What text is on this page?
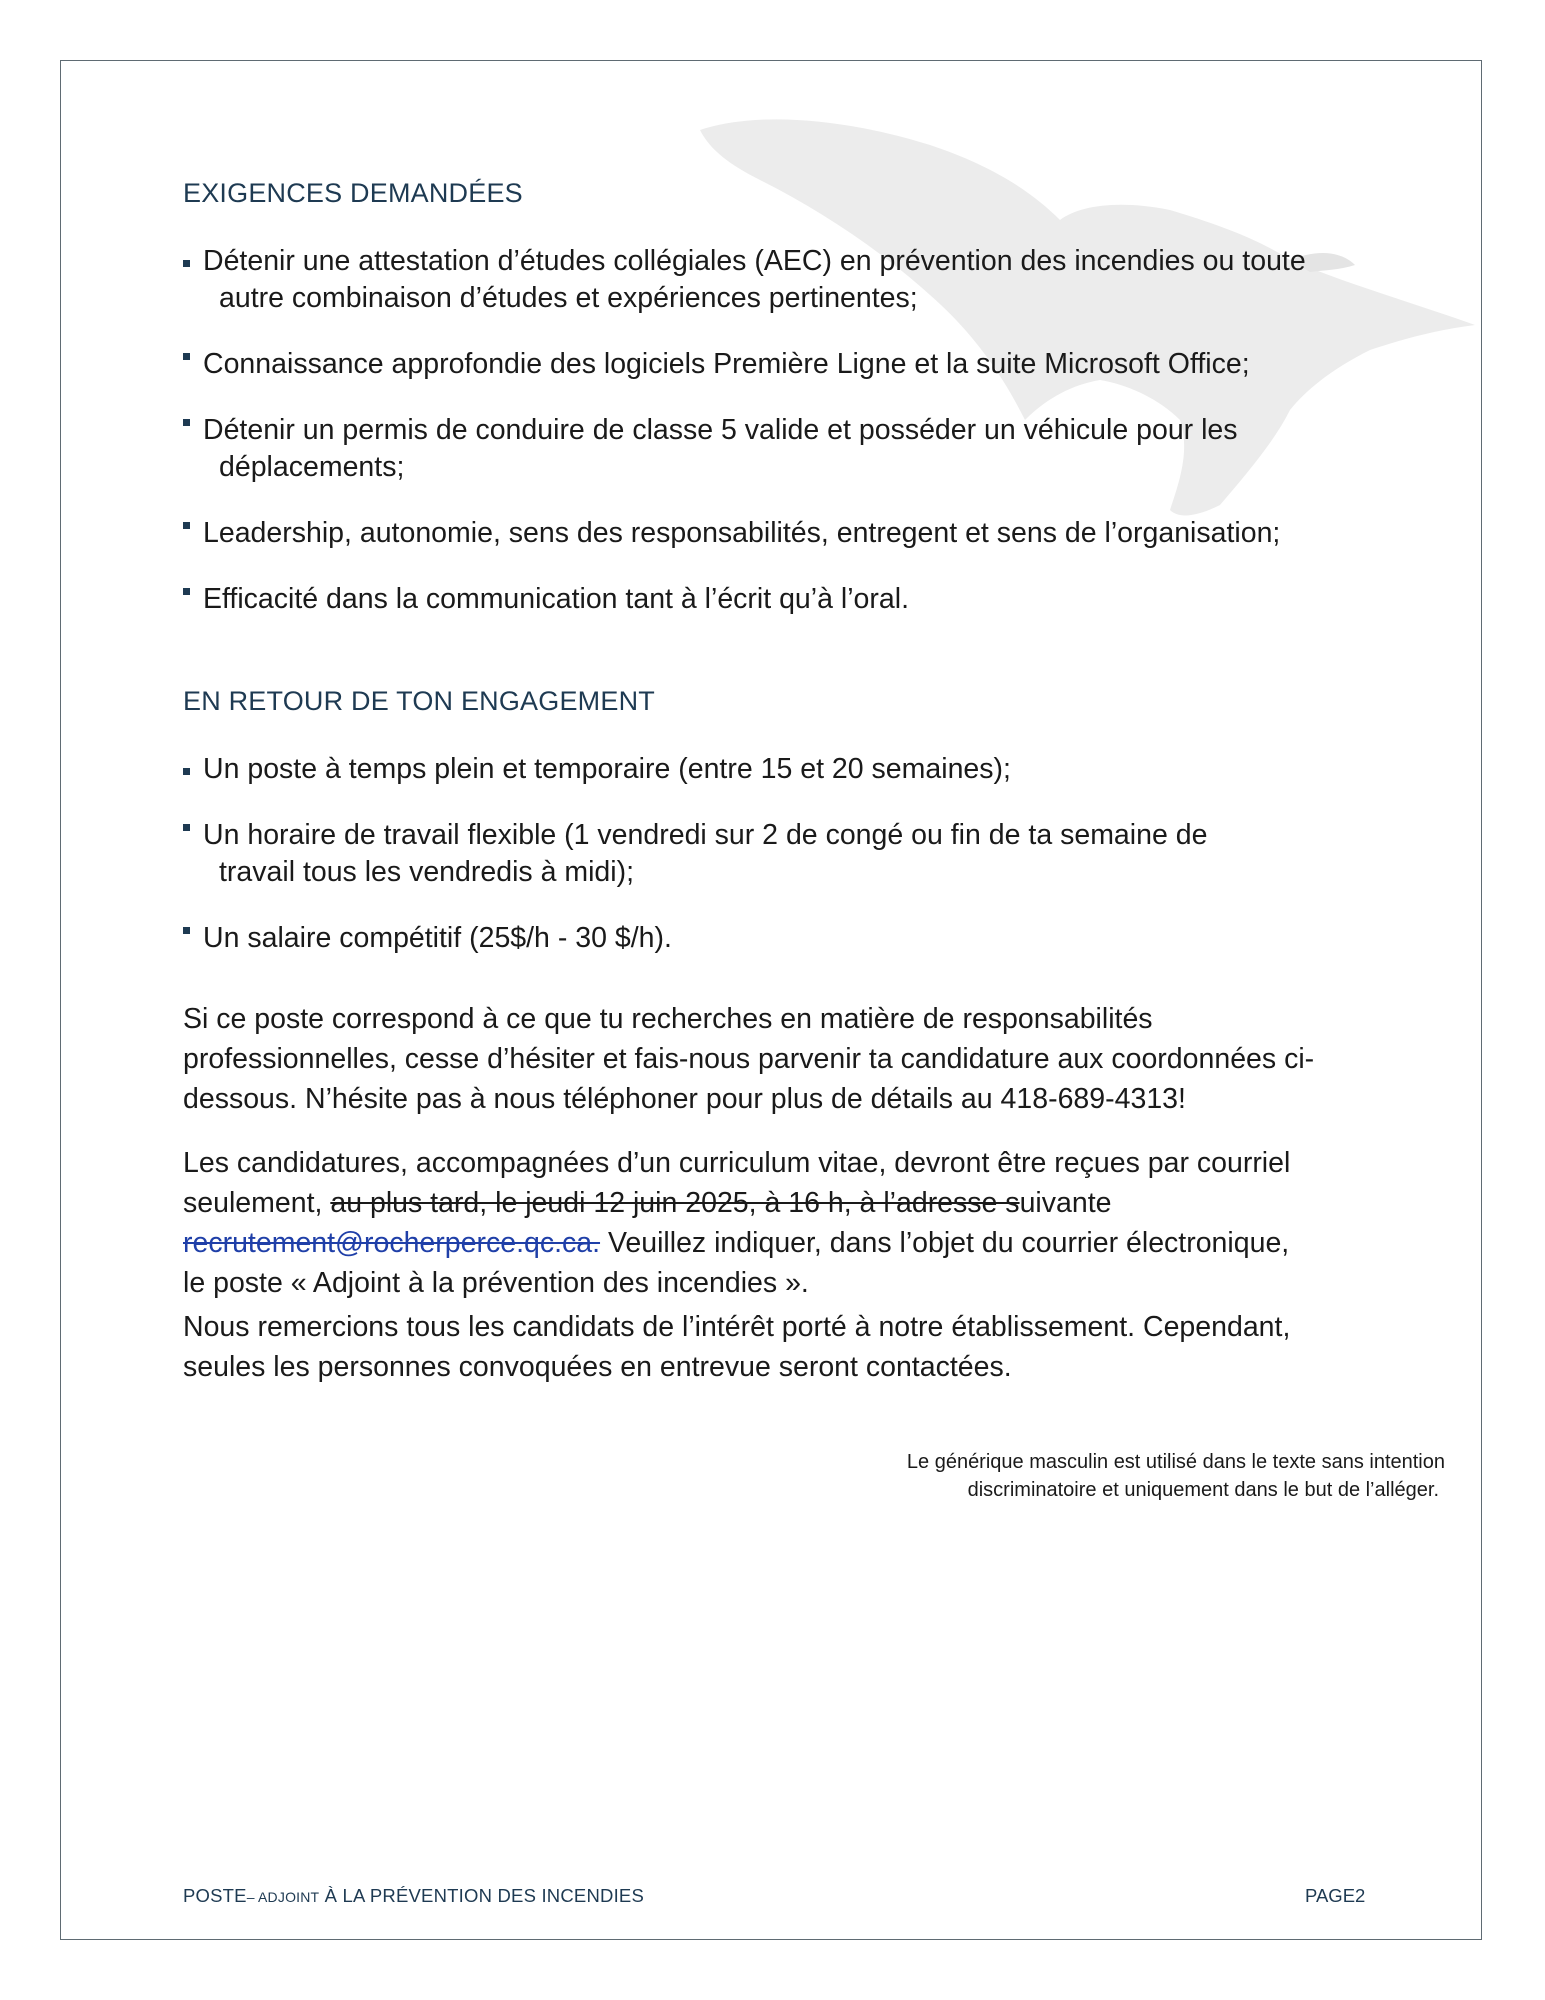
EXIGENCES DEMANDÉES
Détenir une attestation d’études collégiales (AEC) en prévention des incendies ou toute
autre combinaison d’études et expériences pertinentes;
Connaissance approfondie des logiciels Première Ligne et la suite Microsoft Office;
Détenir un permis de conduire de classe 5 valide et posséder un véhicule pour les
déplacements;
Leadership, autonomie, sens des responsabilités, entregent et sens de l’organisation;
Efficacité dans la communication tant à l’écrit qu’à l’oral.
EN RETOUR DE TON ENGAGEMENT
Un poste à temps plein et temporaire (entre 15 et 20 semaines);
Un horaire de travail flexible (1 vendredi sur 2 de congé ou fin de ta semaine de
travail tous les vendredis à midi);
Un salaire compétitif (25$/h - 30 $/h).

Si ce poste correspond à ce que tu recherches en matière de responsabilités
professionnelles, cesse d’hésiter et fais-nous parvenir ta candidature aux coordonnées ci-
dessous. N’hésite pas à nous téléphoner pour plus de détails au 418-689-4313!

Les candidatures, accompagnées d’un curriculum vitae, devront être reçues par courriel
seulement, au plus tard, le jeudi 12 juin 2025, à 16 h, à l’adresse suivante
recrutement@rocherperce.qc.ca. Veuillez indiquer, dans l’objet du courrier électronique,
le poste « Adjoint à la prévention des incendies ».

Nous remercions tous les candidats de l’intérêt porté à notre établissement. Cependant,
seules les personnes convoquées en entrevue seront contactées.

Le générique masculin est utilisé dans le texte sans intention
discriminatoire et uniquement dans le but de l’alléger.
POSTE– ADJOINT À LA PRÉVENTION DES INCENDIES	PAGE2
